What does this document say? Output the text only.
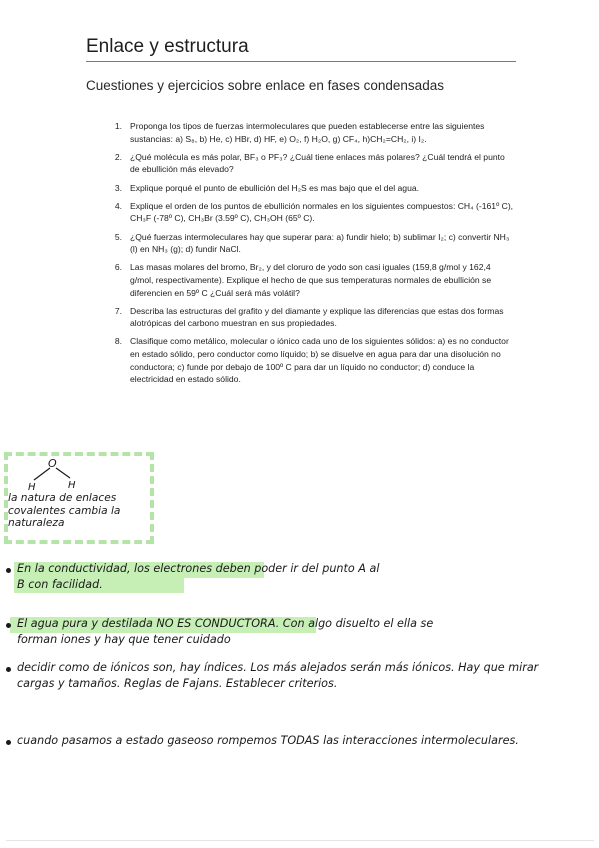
Enlace y estructura
Cuestiones y ejercicios sobre enlace en fases condensadas
1. Proponga los tipos de fuerzas intermoleculares que pueden establecerse entre las siguientes sustancias: a) S₈, b) He, c) HBr, d) HF, e) O₂, f) H₂O, g) CF₄, h)CH₂=CH₂, i) I₂.
2. ¿Qué molécula es más polar, BF₃ o PF₃? ¿Cuál tiene enlaces más polares? ¿Cuál tendrá el punto de ebullición más elevado?
3. Explique porqué el punto de ebullición del H₂S es mas bajo que el del agua.
4. Explique el orden de los puntos de ebullición normales en los siguientes compuestos: CH₄ (-161º C), CH₃F (-78º C), CH₃Br (3.59º C), CH₃OH (65º C).
5. ¿Qué fuerzas intermoleculares hay que superar para: a) fundir hielo; b) sublimar I₂; c) convertir NH₃ (l) en NH₃ (g); d) fundir NaCl.
6. Las masas molares del bromo, Br₂, y del cloruro de yodo son casi iguales (159,8 g/mol y 162,4 g/mol, respectivamente). Explique el hecho de que sus temperaturas normales de ebullición se diferencien en 59º C ¿Cuál será más volátil?
7. Describa las estructuras del grafito y del diamante y explique las diferencias que estas dos formas alotrópicas del carbono muestran en sus propiedades.
8. Clasifique como metálico, molecular o iónico cada uno de los siguientes sólidos: a) es no conductor en estado sólido, pero conductor como líquido; b) se disuelve en agua para dar una disolución no conductora; c) funde por debajo de 100º C para dar un líquido no conductor; d) conduce la electricidad en estado sólido.
O
H	H
la natura de enlaces covalentes cambia la naturaleza
En la conductividad, los electrones deben poder ir del punto A al B con facilidad.
El agua pura y destilada NO ES CONDUCTORA. Con algo disuelto el ella se forman iones y hay que tener cuidado
decidir como de iónicos son, hay índices. Los más alejados serán más iónicos. Hay que mirar cargas y tamaños. Reglas de Fajans. Establecer criterios.
cuando pasamos a estado gaseoso rompemos TODAS las interacciones intermoleculares.
